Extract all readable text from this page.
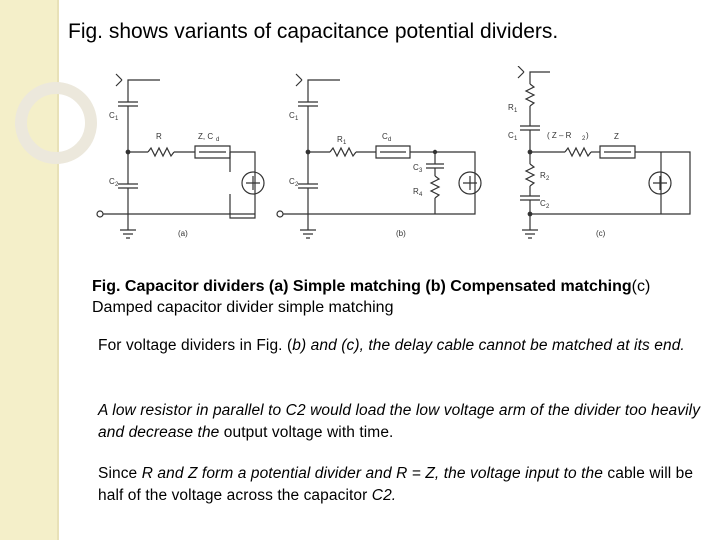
Fig. shows variants of capacitance potential dividers.
C 1
C 2
R	Z, C d
(a)
C 1
C 2
R 1
C d
C 3
R 4
(b)
R 1
C 1	( Z – R 2 )	Z
R 2
C 2
(c)
Fig. Capacitor dividers (a) Simple matching (b) Compensated matching(c) Damped capacitor divider simple matching
For voltage dividers in Fig. (b) and (c), the delay cable cannot be matched at its end.
A low resistor in parallel to C2 would load the low voltage arm of the divider too heavily and decrease the output voltage with time.
Since R and Z form a potential divider and R = Z, the voltage input to the cable will be half of the voltage across the capacitor C2.
